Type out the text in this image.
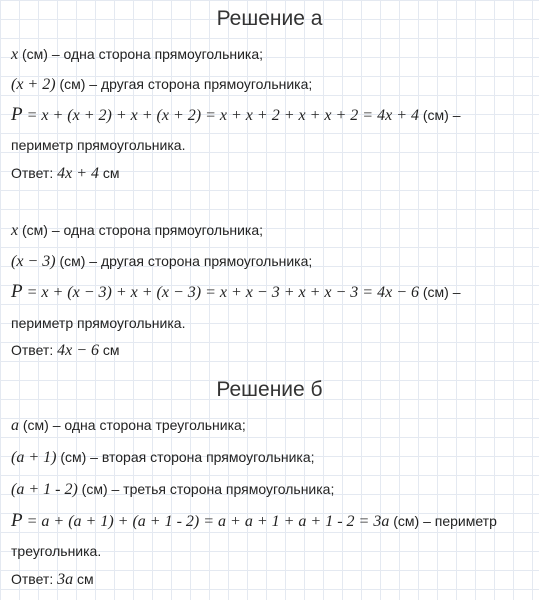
Решение а
x (см) – одна сторона прямоугольника;
(x + 2) (см) – другая сторона прямоугольника;
P = x + (x + 2) + x + (x + 2) = x + x + 2 + x + x + 2 = 4x + 4 (см) –
периметр прямоугольника.
Ответ: 4x + 4 см
x (см) – одна сторона прямоугольника;
(x − 3) (см) – другая сторона прямоугольника;
P = x + (x − 3) + x + (x − 3) = x + x − 3 + x + x − 3 = 4x − 6 (см) –
периметр прямоугольника.
Ответ: 4x − 6 см
Решение б
a (см) – одна сторона треугольника;
(a + 1) (см) – вторая сторона прямоугольника;
(a + 1 - 2) (см) – третья сторона прямоугольника;
P = a + (a + 1) + (a + 1 - 2) = a + a + 1 + a + 1 - 2 = 3a (см) – периметр
треугольника.
Ответ: 3a см
